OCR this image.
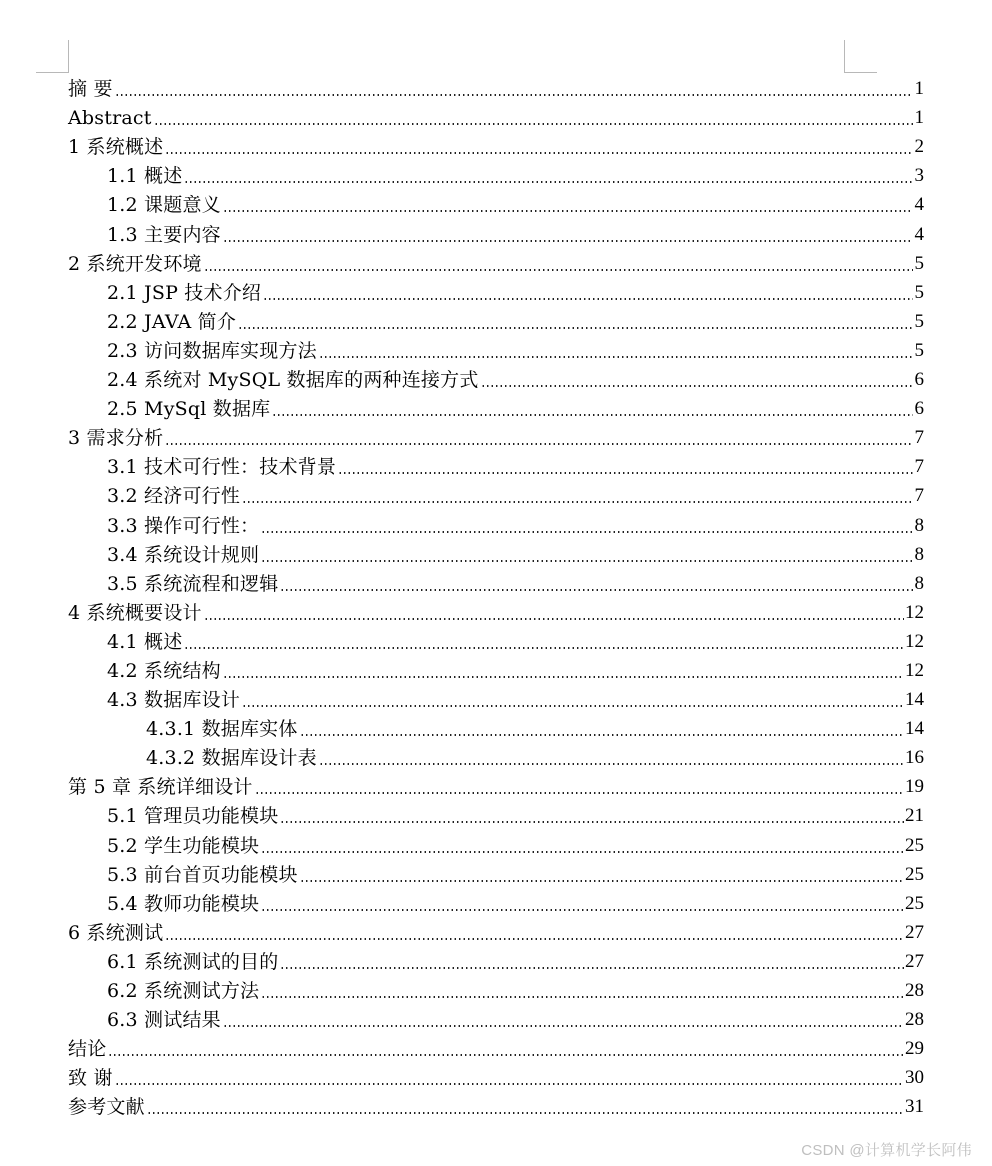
摘 要	1
Abstract	1
1 系统概述	2
1.1 概述	3
1.2 课题意义	4
1.3 主要内容	4
2 系统开发环境	5
2.1 JSP 技术介绍	5
2.2 JAVA 简介	5
2.3 访问数据库实现方法	5
2.4 系统对 MySQL 数据库的两种连接方式	6
2.5 MySql 数据库	6
3 需求分析	7
3.1 技术可行性：技术背景	7
3.2 经济可行性	7
3.3 操作可行性：	8
3.4 系统设计规则	8
3.5 系统流程和逻辑	8
4 系统概要设计	12
4.1 概述	12
4.2 系统结构	12
4.3 数据库设计	14
4.3.1 数据库实体	14
4.3.2 数据库设计表	16
第 5 章 系统详细设计	19
5.1 管理员功能模块	21
5.2 学生功能模块	25
5.3 前台首页功能模块	25
5.4 教师功能模块	25
6 系统测试	27
6.1 系统测试的目的	27
6.2 系统测试方法	28
6.3 测试结果	28
结论	29
致 谢	30
参考文献	31
CSDN @计算机学长阿伟
